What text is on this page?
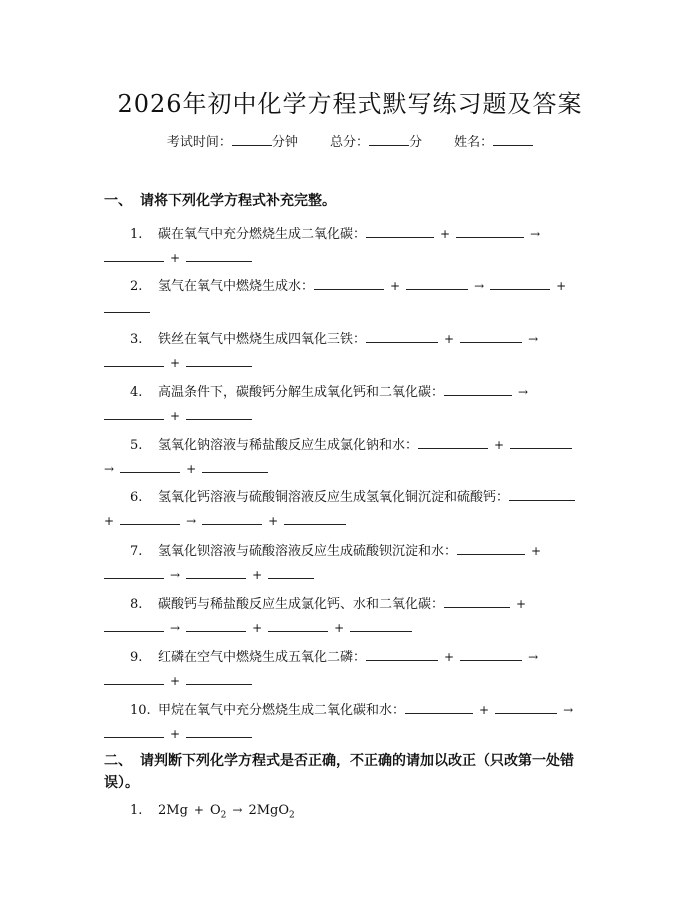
2026年初中化学方程式默写练习题及答案
考试时间：	分钟 总分：	分 姓名：
一、 请将下列化学方程式补充完整。
1. 碳在氧气中充分燃烧生成二氧化碳：	+	→
+
2. 氢气在氧气中燃烧生成水：	+	→	+
3. 铁丝在氧气中燃烧生成四氧化三铁：	+	→
+
4. 高温条件下，碳酸钙分解生成氧化钙和二氧化碳：	→
+
5. 氢氧化钠溶液与稀盐酸反应生成氯化钠和水：	+
→	+
6. 氢氧化钙溶液与硫酸铜溶液反应生成氢氧化铜沉淀和硫酸钙：
+	→	+
7. 氢氧化钡溶液与硫酸溶液反应生成硫酸钡沉淀和水：	+
→	+
8. 碳酸钙与稀盐酸反应生成氯化钙、水和二氧化碳：	+
→	+	+
9. 红磷在空气中燃烧生成五氧化二磷：	+	→
+
10. 甲烷在氧气中充分燃烧生成二氧化碳和水：	+	→
+
二、 请判断下列化学方程式是否正确，不正确的请加以改正（只改第一处错
误）。
1. $2Mg + O_2 \to 2MgO_2$
